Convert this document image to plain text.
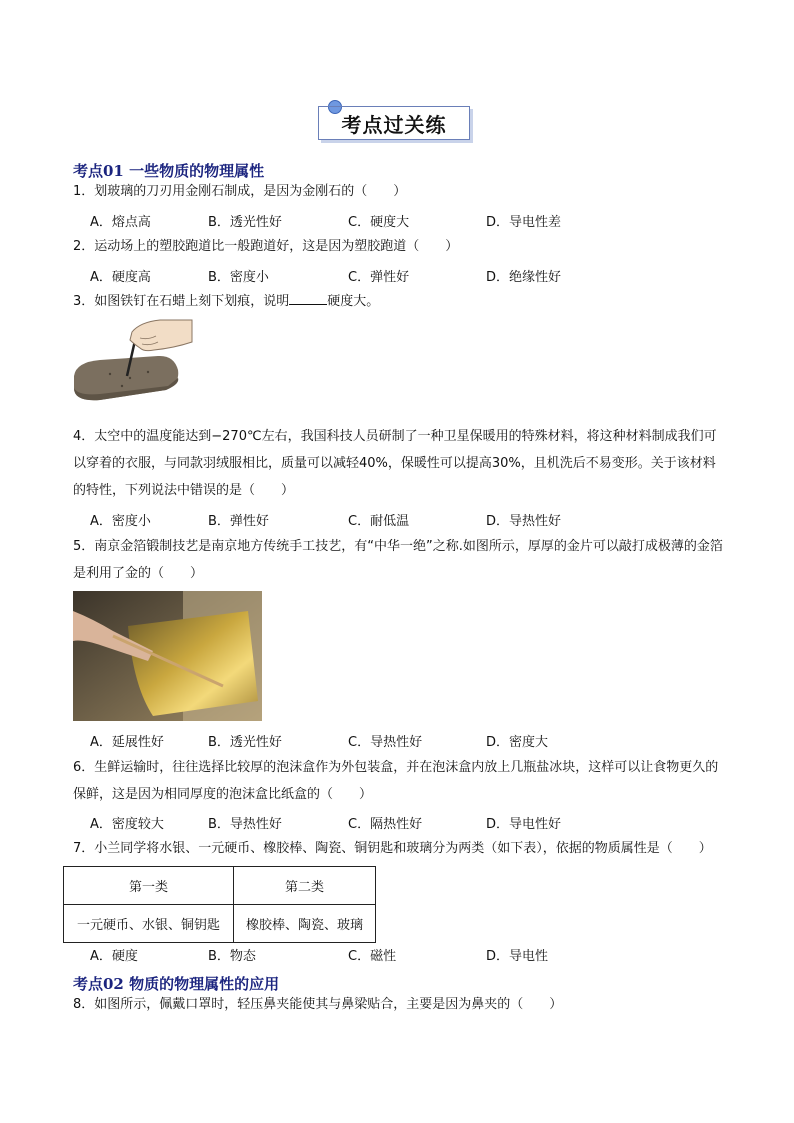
考点过关练
考点01 一些物质的物理属性
1．划玻璃的刀刃用金刚石制成，是因为金刚石的（　　）
A．熔点高	B．透光性好	C．硬度大	D．导电性差
2．运动场上的塑胶跑道比一般跑道好，这是因为塑胶跑道（　　）
A．硬度高	B．密度小	C．弹性好	D．绝缘性好
3．如图铁钉在石蜡上刻下划痕，说明	硬度大。
4．太空中的温度能达到−270℃左右，我国科技人员研制了一种卫星保暖用的特殊材料，将这种材料制成我们可以穿着的衣服，与同款羽绒服相比，质量可以减轻40%，保暖性可以提高30%，且机洗后不易变形。关于该材料的特性，下列说法中错误的是（　　）
A．密度小	B．弹性好	C．耐低温	D．导热性好
5．南京金箔锻制技艺是南京地方传统手工技艺，有“中华一绝”之称.如图所示，厚厚的金片可以敲打成极薄的金箔是利用了金的（　　）
A．延展性好	B．透光性好	C．导热性好	D．密度大
6．生鲜运输时，往往选择比较厚的泡沫盒作为外包装盒，并在泡沫盒内放上几瓶盐冰块，这样可以让食物更久的保鲜，这是因为相同厚度的泡沫盒比纸盒的（　　）
A．密度较大	B．导热性好	C．隔热性好	D．导电性好
7．小兰同学将水银、一元硬币、橡胶棒、陶瓷、铜钥匙和玻璃分为两类（如下表），依据的物质属性是（　　）
第一类	第二类
一元硬币、水银、铜钥匙	橡胶棒、陶瓷、玻璃
A．硬度	B．物态	C．磁性	D．导电性
考点02 物质的物理属性的应用
8．如图所示，佩戴口罩时，轻压鼻夹能使其与鼻梁贴合，主要是因为鼻夹的（　　）
